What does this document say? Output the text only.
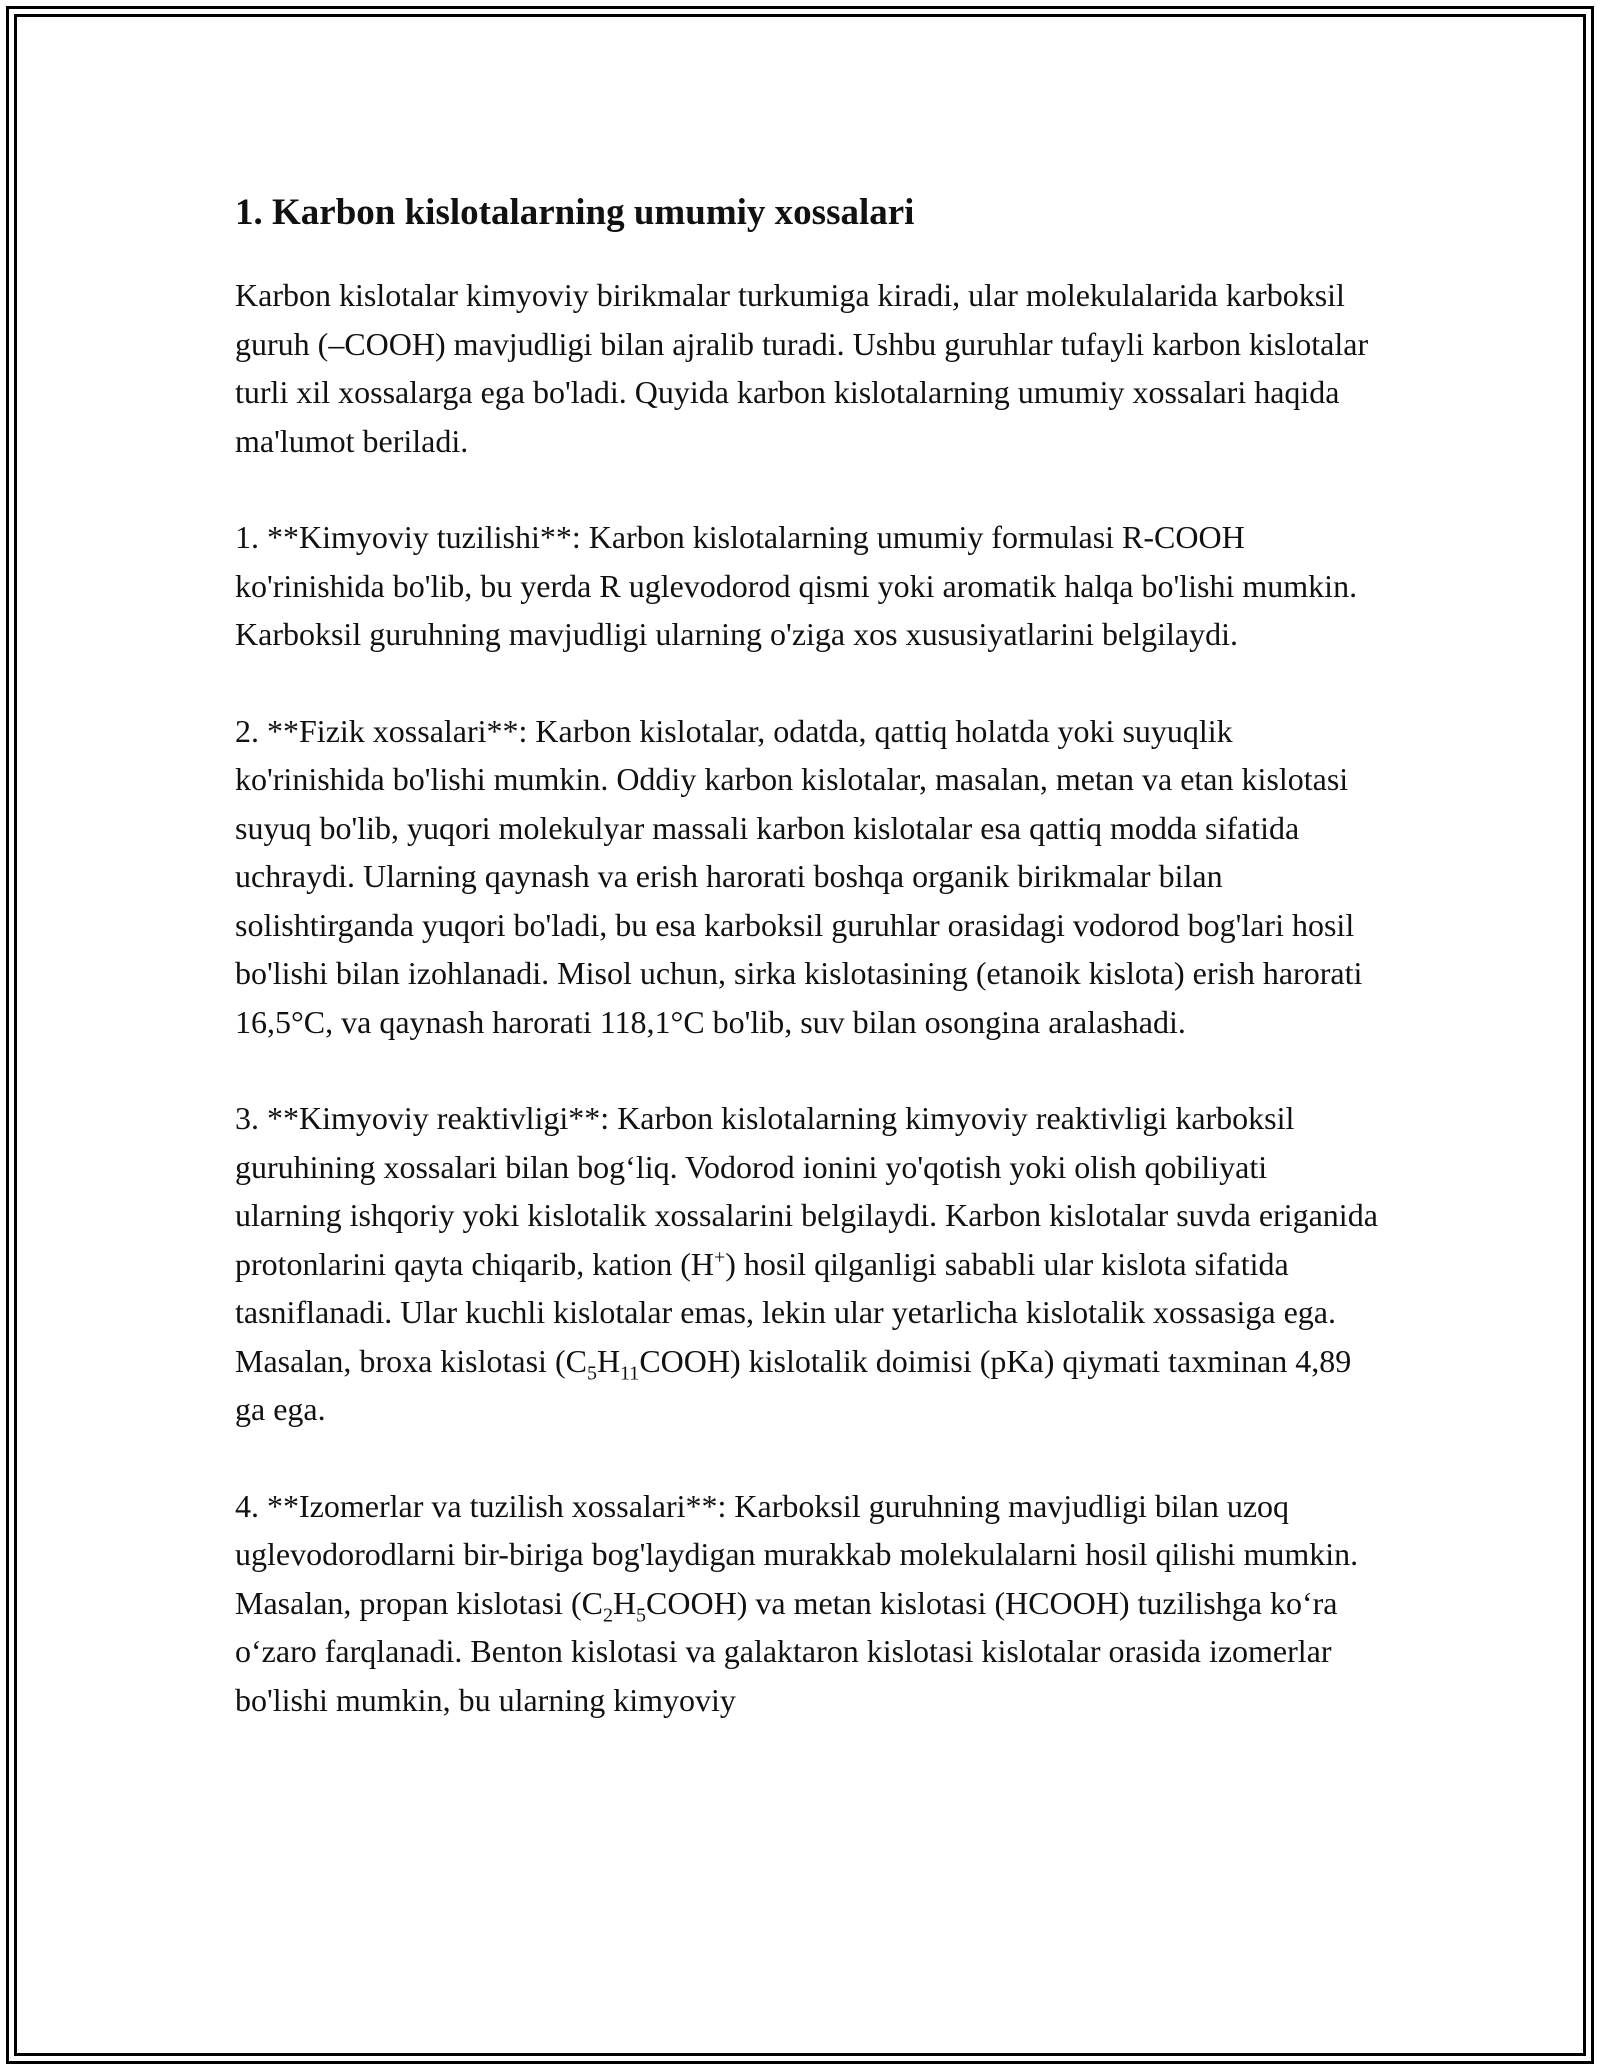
1. Karbon kislotalarning umumiy xossalari

Karbon kislotalar kimyoviy birikmalar turkumiga kiradi, ular molekulalarida karboksil guruh (–COOH) mavjudligi bilan ajralib turadi. Ushbu guruhlar tufayli karbon kislotalar turli xil xossalarga ega bo'ladi. Quyida karbon kislotalarning umumiy xossalari haqida ma'lumot beriladi.

1. **Kimyoviy tuzilishi**: Karbon kislotalarning umumiy formulasi R-COOH ko'rinishida bo'lib, bu yerda R uglevodorod qismi yoki aromatik halqa bo'lishi mumkin. Karboksil guruhning mavjudligi ularning o'ziga xos xususiyatlarini belgilaydi.

2. **Fizik xossalari**: Karbon kislotalar, odatda, qattiq holatda yoki suyuqlik ko'rinishida bo'lishi mumkin. Oddiy karbon kislotalar, masalan, metan va etan kislotasi suyuq bo'lib, yuqori molekulyar massali karbon kislotalar esa qattiq modda sifatida uchraydi. Ularning qaynash va erish harorati boshqa organik birikmalar bilan solishtirganda yuqori bo'ladi, bu esa karboksil guruhlar orasidagi vodorod bog'lari hosil bo'lishi bilan izohlanadi. Misol uchun, sirka kislotasining (etanoik kislota) erish harorati 16,5°C, va qaynash harorati 118,1°C bo'lib, suv bilan osongina aralashadi.

3. **Kimyoviy reaktivligi**: Karbon kislotalarning kimyoviy reaktivligi karboksil guruhining xossalari bilan bog‘liq. Vodorod ionini yo'qotish yoki olish qobiliyati ularning ishqoriy yoki kislotalik xossalarini belgilaydi. Karbon kislotalar suvda eriganida protonlarini qayta chiqarib, kation (H+) hosil qilganligi sababli ular kislota sifatida tasniflanadi. Ular kuchli kislotalar emas, lekin ular yetarlicha kislotalik xossasiga ega. Masalan, broxa kislotasi $(C_5H_{11}COOH)$ kislotalik doimisi (pKa) qiymati taxminan 4,89 ga ega.

4. **Izomerlar va tuzilish xossalari**: Karboksil guruhning mavjudligi bilan uzoq uglevodorodlarni bir-biriga bog'laydigan murakkab molekulalarni hosil qilishi mumkin. Masalan, propan kislotasi $(C_2H_5COOH)$ va metan kislotasi (HCOOH) tuzilishga ko‘ra o‘zaro farqlanadi. Benton kislotasi va galaktaron kislotasi kislotalar orasida izomerlar bo'lishi mumkin, bu ularning kimyoviy
